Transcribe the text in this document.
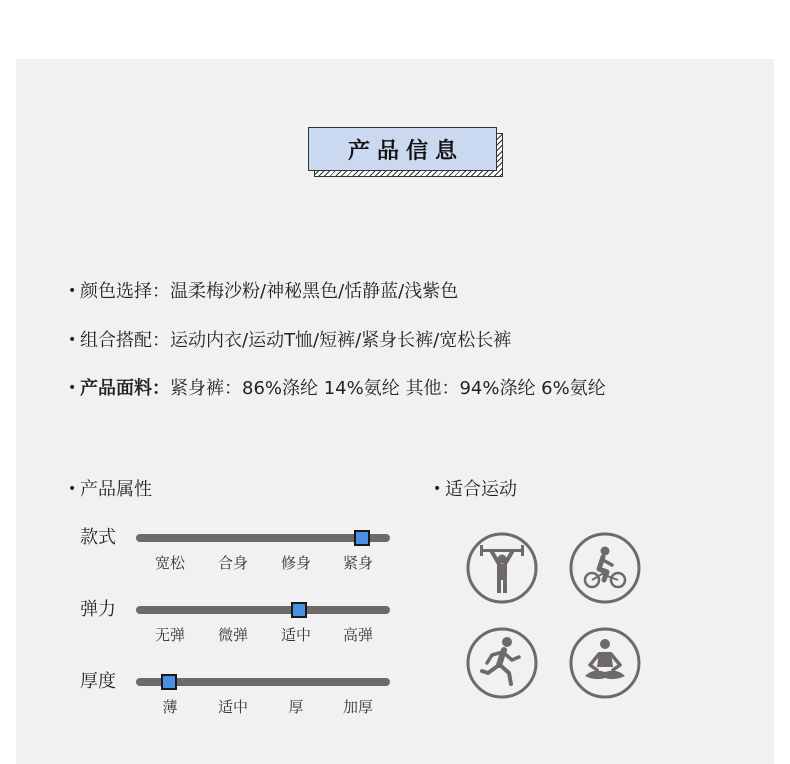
产品信息
• 颜色选择：温柔梅沙粉/神秘黑色/恬静蓝/浅紫色
• 组合搭配：运动内衣/运动T恤/短裤/紧身长裤/宽松长裤
• 产品面料：紧身裤：86%涤纶 14%氨纶 其他：94%涤纶 6%氨纶
• 产品属性
款式
宽松 合身 修身 紧身
弹力
无弹 微弹 适中 高弹
厚度
薄	适中	厚	加厚
• 适合运动
